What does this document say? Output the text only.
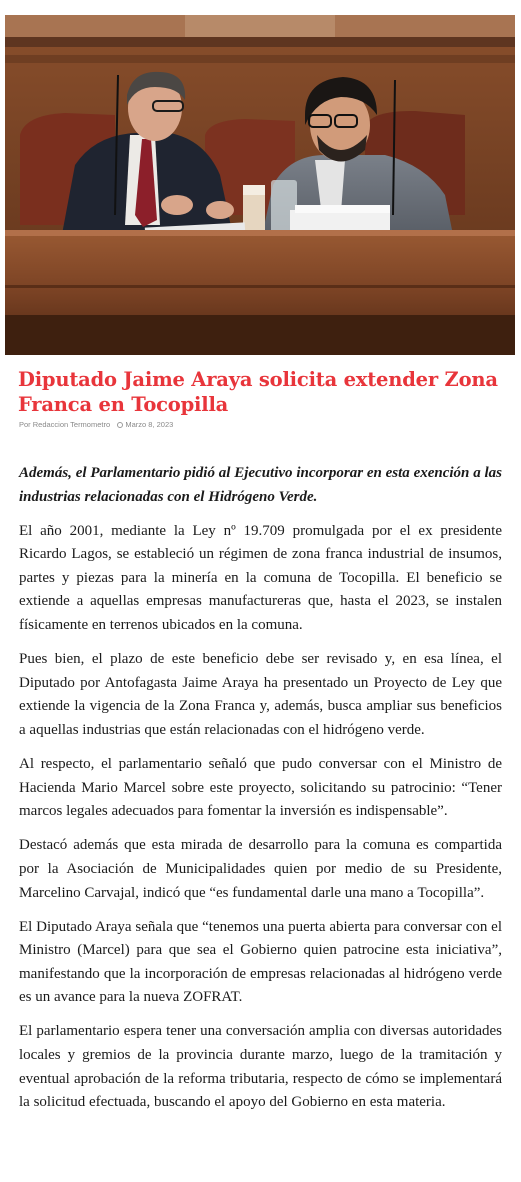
Diputado Jaime Araya solicita extender Zona Franca en Tocopilla
Por Redaccion Termometro Marzo 8, 2023

Además, el Parlamentario pidió al Ejecutivo incorporar en esta exención a las industrias relacionadas con el Hidrógeno Verde.

El año 2001, mediante la Ley nº 19.709 promulgada por el ex presidente Ricardo Lagos, se estableció un régimen de zona franca industrial de insumos, partes y piezas para la minería en la comuna de Tocopilla. El beneficio se extiende a aquellas empresas manufactureras que, hasta el 2023, se instalen físicamente en terrenos ubicados en la comuna.

Pues bien, el plazo de este beneficio debe ser revisado y, en esa línea, el Diputado por Antofagasta Jaime Araya ha presentado un Proyecto de Ley que extiende la vigencia de la Zona Franca y, además, busca ampliar sus beneficios a aquellas industrias que están relacionadas con el hidrógeno verde.

Al respecto, el parlamentario señaló que pudo conversar con el Ministro de Hacienda Mario Marcel sobre este proyecto, solicitando su patrocinio: “Tener marcos legales adecuados para fomentar la inversión es indispensable”.

Destacó además que esta mirada de desarrollo para la comuna es compartida por la Asociación de Municipalidades quien por medio de su Presidente, Marcelino Carvajal, indicó que “es fundamental darle una mano a Tocopilla”.

El Diputado Araya señala que “tenemos una puerta abierta para conversar con el Ministro (Marcel) para que sea el Gobierno quien patrocine esta iniciativa”, manifestando que la incorporación de empresas relacionadas al hidrógeno verde es un avance para la nueva ZOFRAT.

El parlamentario espera tener una conversación amplia con diversas autoridades locales y gremios de la provincia durante marzo, luego de la tramitación y eventual aprobación de la reforma tributaria, respecto de cómo se implementará la solicitud efectuada, buscando el apoyo del Gobierno en esta materia.
